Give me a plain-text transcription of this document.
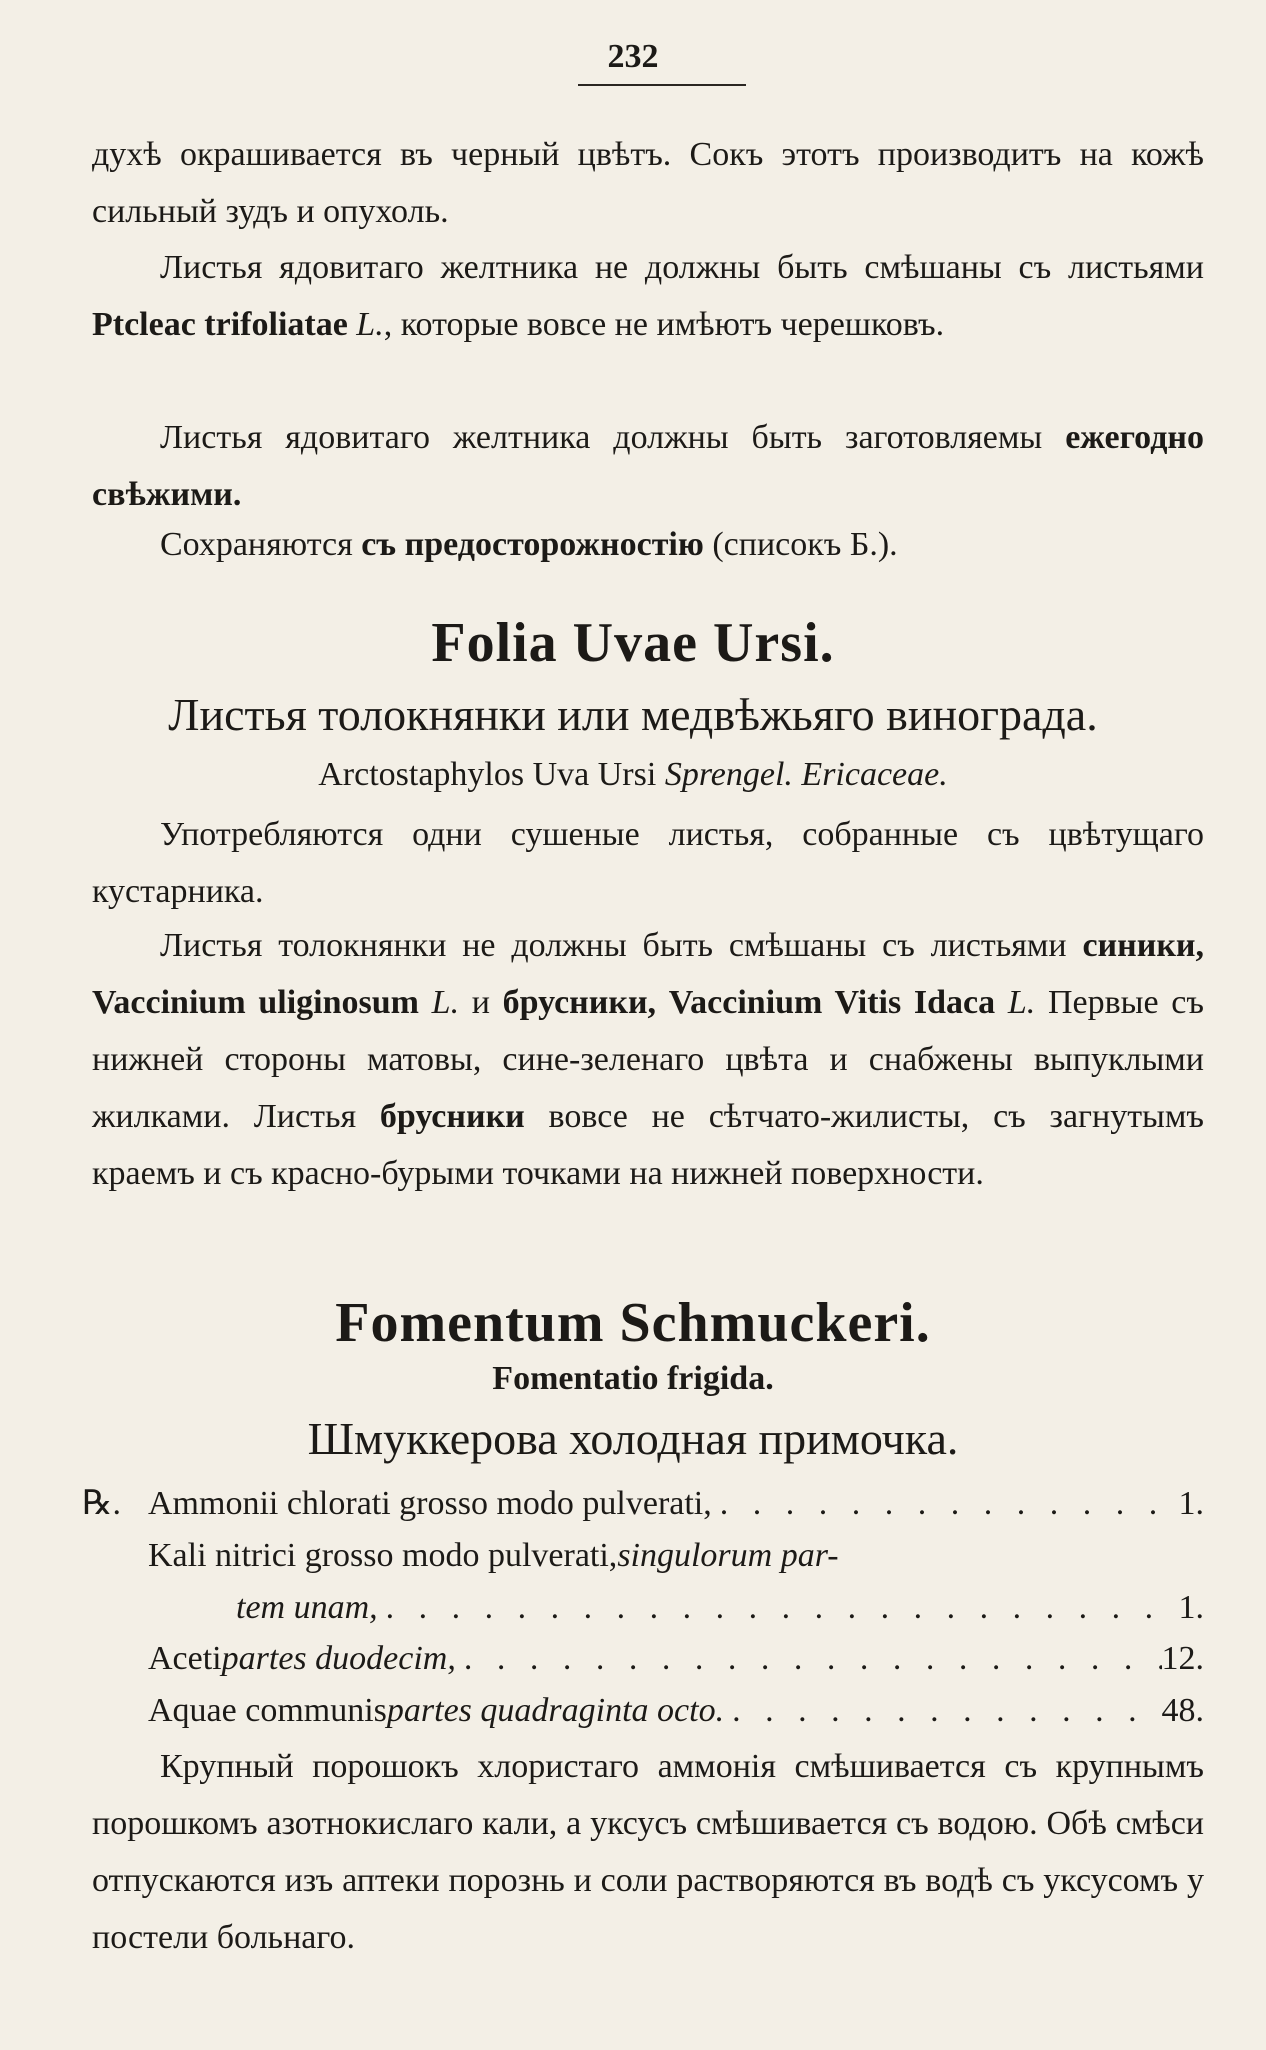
232

духѣ окрашивается въ черный цвѣтъ. Сокъ этотъ производитъ на кожѣ сильный зудъ и опухоль.

Листья ядовитаго желтника не должны быть смѣшаны съ листьями Ptcleac trifoliatae L., которые вовсе не имѣютъ черешковъ.

Листья ядовитаго желтника должны быть заготовляемы ежегодно свѣжими.

Сохраняются съ предосторожностію (списокъ Б.).

Folia Uvae Ursi.
Листья толокнянки или медвѣжьяго винограда.
Arctostaphylos Uva Ursi Sprengel. Ericaceae.

Употребляются одни сушеные листья, собранные съ цвѣтущаго кустарника.

Листья толокнянки не должны быть смѣшаны съ листьями синики, Vaccinium uliginosum L. и брусники, Vaccinium Vitis Idaca L. Первые съ нижней стороны матовы, сине-зеленаго цвѣта и снабжены выпуклыми жилками. Листья брусники вовсе не сѣтчато-жилисты, съ загнутымъ краемъ и съ красно-бурыми точками на нижней поверхности.

Fomentum Schmuckeri.
Fomentatio frigida.
Шмуккерова холодная примочка.
℞. Ammonii chlorati grosso modo pulverati, . . .	1.
Kali nitrici grosso modo pulverati, singulorum par-
tem unam, . . .	1.
Aceti partes duodecim, . . .	12.
Aquae communis partes quadraginta octo. . . .	48.

Крупный порошокъ хлористаго аммонія смѣшивается съ крупнымъ порошкомъ азотнокислаго кали, а уксусъ смѣшивается съ водою. Обѣ смѣси отпускаются изъ аптеки порознь и соли растворяются въ водѣ съ уксусомъ у постели больнаго.
